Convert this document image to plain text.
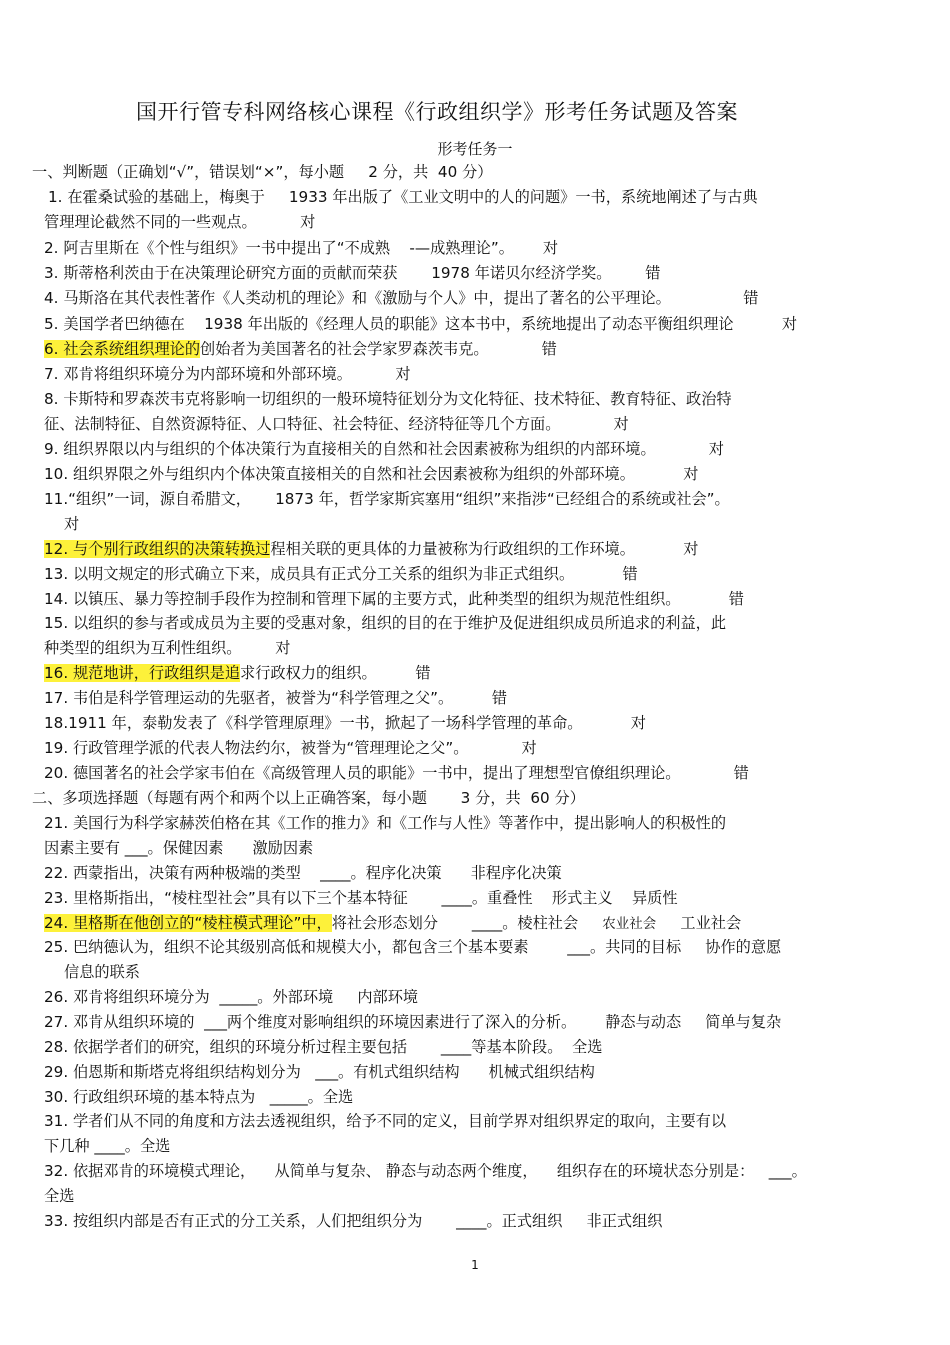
国开行管专科网络核心课程《行政组织学》形考任务试题及答案
形考任务一
一、判断题（正确划“√”，错误划“×”，每小题     2 分，共  40 分）
1. 在霍桑试验的基础上，梅奥于     1933 年出版了《工业文明中的人的问题》一书，系统地阐述了与古典
管理理论截然不同的一些观点。         对
2. 阿吉里斯在《个性与组织》一书中提出了“不成熟    -—成熟理论”。      对
3. 斯蒂格利茨由于在决策理论研究方面的贡献而荣获       1978 年诺贝尔经济学奖。       错
4. 马斯洛在其代表性著作《人类动机的理论》和《激励与个人》中，提出了著名的公平理论。               错
5. 美国学者巴纳德在    1938 年出版的《经理人员的职能》这本书中，系统地提出了动态平衡组织理论          对
6. 社会系统组织理论的创始者为美国著名的社会学家罗森茨韦克。           错
7. 邓肯将组织环境分为内部环境和外部环境。         对
8. 卡斯特和罗森茨韦克将影响一切组织的一般环境特征划分为文化特征、技术特征、教育特征、政治特
征、法制特征、自然资源特征、人口特征、社会特征、经济特征等几个方面。           对
9. 组织界限以内与组织的个体决策行为直接相关的自然和社会因素被称为组织的内部环境。           对
10. 组织界限之外与组织内个体决策直接相关的自然和社会因素被称为组织的外部环境。          对
11.“组织”一词，源自希腊文，     1873 年，哲学家斯宾塞用“组织”来指涉“已经组合的系统或社会”。
对
12. 与个别行政组织的决策转换过程相关联的更具体的力量被称为行政组织的工作环境。          对
13. 以明文规定的形式确立下来，成员具有正式分工关系的组织为非正式组织。          错
14. 以镇压、暴力等控制手段作为控制和管理下属的主要方式，此种类型的组织为规范性组织。          错
15. 以组织的参与者或成员为主要的受惠对象，组织的目的在于维护及促进组织成员所追求的利益，此
种类型的组织为互利性组织。       对
16. 规范地讲，行政组织是追求行政权力的组织。        错
17. 韦伯是科学管理运动的先驱者，被誉为“科学管理之父”。        错
18.1911 年，泰勒发表了《科学管理原理》一书，掀起了一场科学管理的革命。          对
19. 行政管理学派的代表人物法约尔，被誉为“管理理论之父”。           对
20. 德国著名的社会学家韦伯在《高级管理人员的职能》一书中，提出了理想型官僚组织理论。           错
二、多项选择题（每题有两个和两个以上正确答案，每小题       3 分，共  60 分）
21. 美国行为科学家赫茨伯格在其《工作的推力》和《工作与人性》等著作中，提出影响人的积极性的
因素主要有 ___。保健因素      激励因素
22. 西蒙指出，决策有两种极端的类型    ____。程序化决策      非程序化决策
23. 里格斯指出，“棱柱型社会”具有以下三个基本特征       ____。重叠性    形式主义    异质性
24. 里格斯在他创立的“棱柱模式理论”中，将社会形态划分       ____。棱柱社会     农业社会     工业社会
25. 巴纳德认为，组织不论其级别高低和规模大小，都包含三个基本要素        ___。共同的目标     协作的意愿
信息的联系
26. 邓肯将组织环境分为  _____。外部环境     内部环境
27. 邓肯从组织环境的  ___两个维度对影响组织的环境因素进行了深入的分析。      静态与动态     简单与复杂
28. 依据学者们的研究，组织的环境分析过程主要包括       ____等基本阶段。  全选
29. 伯恩斯和斯塔克将组织结构划分为   ___。有机式组织结构      机械式组织结构
30. 行政组织环境的基本特点为   _____。全选
31. 学者们从不同的角度和方法去透视组织，给予不同的定义，目前学界对组织界定的取向，主要有以
下几种 ____。全选
32. 依据邓肯的环境模式理论，    从简单与复杂、 静态与动态两个维度，    组织存在的环境状态分别是：   ___。
全选
33. 按组织内部是否有正式的分工关系，人们把组织分为       ____。正式组织     非正式组织
1
